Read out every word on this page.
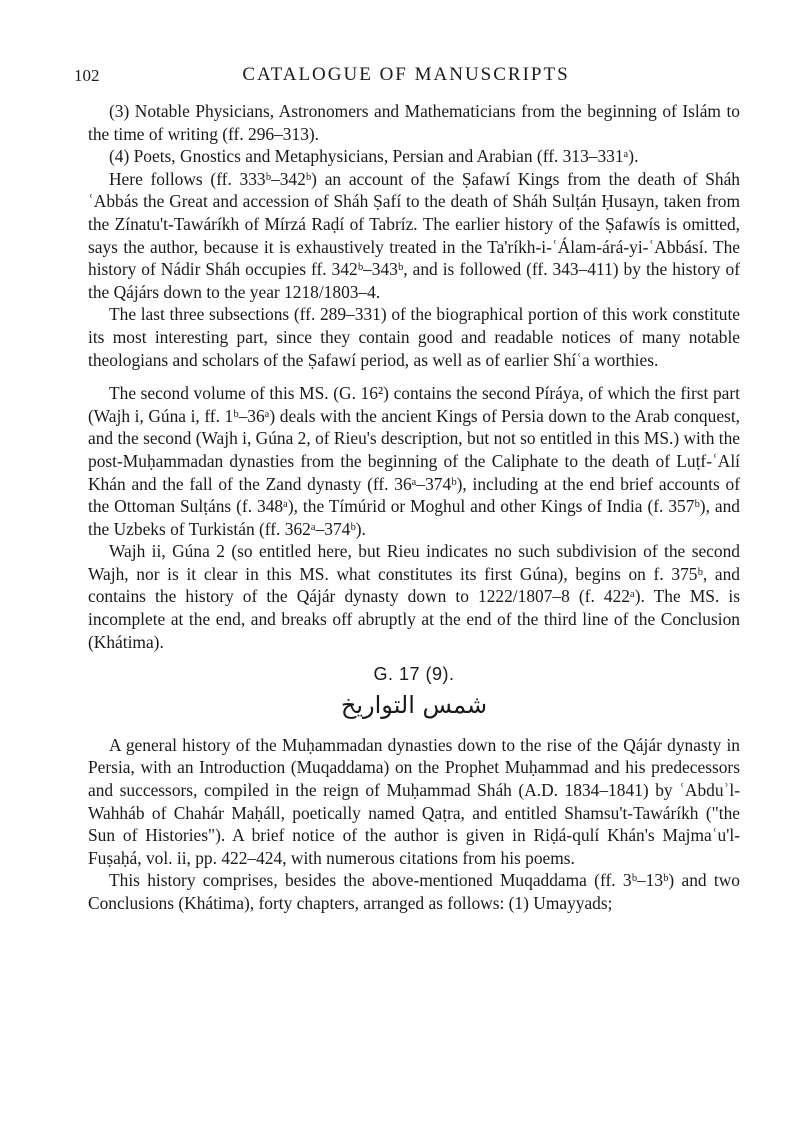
102	CATALOGUE OF MANUSCRIPTS

(3) Notable Physicians, Astronomers and Mathematicians from the beginning of Islám to the time of writing (ff. 296–313).

(4) Poets, Gnostics and Metaphysicians, Persian and Arabian (ff. 313–331ᵃ).

Here follows (ff. 333ᵇ–342ᵇ) an account of the Ṣafawí Kings from the death of Sháh ʿAbbás the Great and accession of Sháh Ṣafí to the death of Sháh Sulṭán Ḥusayn, taken from the Zínatu't-Tawáríkh of Mírzá Raḍí of Tabríz. The earlier history of the Ṣafawís is omitted, says the author, because it is exhaustively treated in the Ta'ríkh-i-ʿÁlam-árá-yi-ʿAbbásí. The history of Nádir Sháh occupies ff. 342ᵇ–343ᵇ, and is followed (ff. 343–411) by the history of the Qájárs down to the year 1218/1803–4.

The last three subsections (ff. 289–331) of the biographical portion of this work constitute its most interesting part, since they contain good and readable notices of many notable theologians and scholars of the Ṣafawí period, as well as of earlier Shíʿa worthies.

The second volume of this MS. (G. 16²) contains the second Píráya, of which the first part (Wajh i, Gúna i, ff. 1ᵇ–36ᵃ) deals with the ancient Kings of Persia down to the Arab conquest, and the second (Wajh i, Gúna 2, of Rieu's description, but not so entitled in this MS.) with the post-Muḥammadan dynasties from the beginning of the Caliphate to the death of Luṭf-ʿAlí Khán and the fall of the Zand dynasty (ff. 36ᵃ–374ᵇ), including at the end brief accounts of the Ottoman Sulṭáns (f. 348ᵃ), the Tímúrid or Moghul and other Kings of India (f. 357ᵇ), and the Uzbeks of Turkistán (ff. 362ᵃ–374ᵇ).

Wajh ii, Gúna 2 (so entitled here, but Rieu indicates no such subdivision of the second Wajh, nor is it clear in this MS. what constitutes its first Gúna), begins on f. 375ᵇ, and contains the history of the Qájár dynasty down to 1222/1807–8 (f. 422ᵃ). The MS. is incomplete at the end, and breaks off abruptly at the end of the third line of the Conclusion (Khátima).

G. 17 (9).

شمس التواريخ

A general history of the Muḥammadan dynasties down to the rise of the Qájár dynasty in Persia, with an Introduction (Muqaddama) on the Prophet Muḥammad and his predecessors and successors, compiled in the reign of Muḥammad Sháh (A.D. 1834–1841) by ʿAbduʾl-Wahháb of Chahár Maḥáll, poetically named Qaṭra, and entitled Shamsu't-Tawáríkh ("the Sun of Histories"). A brief notice of the author is given in Riḍá-qulí Khán's Majmaʿu'l-Fuṣaḥá, vol. ii, pp. 422–424, with numerous citations from his poems.

This history comprises, besides the above-mentioned Muqaddama (ff. 3ᵇ–13ᵇ) and two Conclusions (Khátima), forty chapters, arranged as follows: (1) Umayyads;
